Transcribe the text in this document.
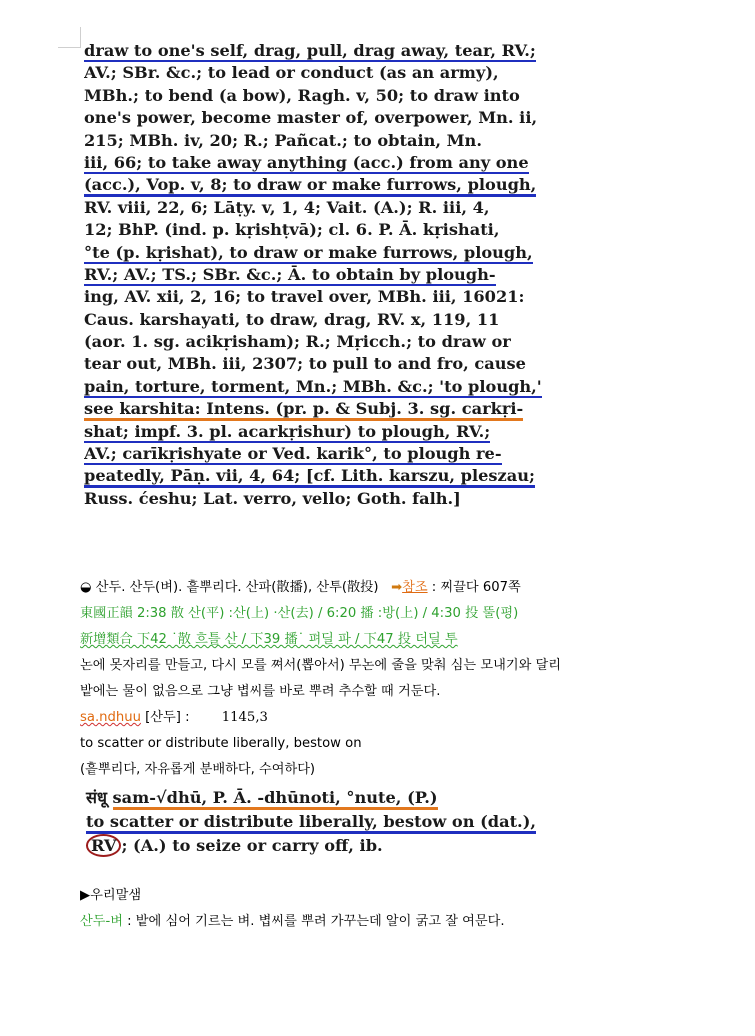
draw to one's self, drag, pull, drag away, tear, RV.;
AV.; SBr. &c.; to lead or conduct (as an army),
MBh.; to bend (a bow), Ragh. v, 50; to draw into
one's power, become master of, overpower, Mn. ii,
215; MBh. iv, 20; R.; Pañcat.; to obtain, Mn.
iii, 66; to take away anything (acc.) from any one
(acc.), Vop. v, 8; to draw or make furrows, plough,
RV. viii, 22, 6; Lāṭy. v, 1, 4; Vait. (A.); R. iii, 4,
12; BhP. (ind. p. kṛishṭvā); cl. 6. P. Ā. kṛishati,
°te (p. kṛishat), to draw or make furrows, plough,
RV.; AV.; TS.; SBr. &c.; Ā. to obtain by plough-
ing, AV. xii, 2, 16; to travel over, MBh. iii, 16021:
Caus. karshayati, to draw, drag, RV. x, 119, 11
(aor. 1. sg. acikṛisham); R.; Mṛicch.; to draw or
tear out, MBh. iii, 2307; to pull to and fro, cause
pain, torture, torment, Mn.; MBh. &c.; 'to plough,'
see karshita: Intens. (pr. p. & Subj. 3. sg. carkṛi-
shat; impf. 3. pl. acarkṛishur) to plough, RV.;
AV.; carīkṛishyate or Ved. karik°, to plough re-
peatedly, Pāṇ. vii, 4, 64; [cf. Lith. karszu, pleszau;
Russ. ćeshu; Lat. verro, vello; Goth. falh.]
◒ 산두. 산두(벼). 흩뿌리다. 산파(散播), 산투(散投) ➡참조 : 찌끌다 607쪽
東國正韻 2:38 散 산(平) :산(上) ·산(去) / 6:20 播 :방(上) / 4:30 投 뚤(평)
新增類合 下42 ˙散 흐틀 산 / 下39 播˙ 펴딜 파 / 下47 投 더딜 투
논에 못자리를 만들고, 다시 모를 쪄서(뽑아서) 무논에 줄을 맞춰 심는 모내기와 달리
밭에는 물이 없음으로 그냥 볍씨를 바로 뿌려 추수할 때 거둔다.
sa.ndhuu [산두] : 1145,3
to scatter or distribute liberally, bestow on
(흩뿌리다, 자유롭게 분배하다, 수여하다)
संधू sam-√dhū, P. Ā. -dhūnoti, °nute, (P.)
to scatter or distribute liberally, bestow on (dat.),
RV ; (A.) to seize or carry off, ib.
▶우리말샘
산두-벼 : 밭에 심어 기르는 벼. 볍씨를 뿌려 가꾸는데 알이 굵고 잘 여문다.
